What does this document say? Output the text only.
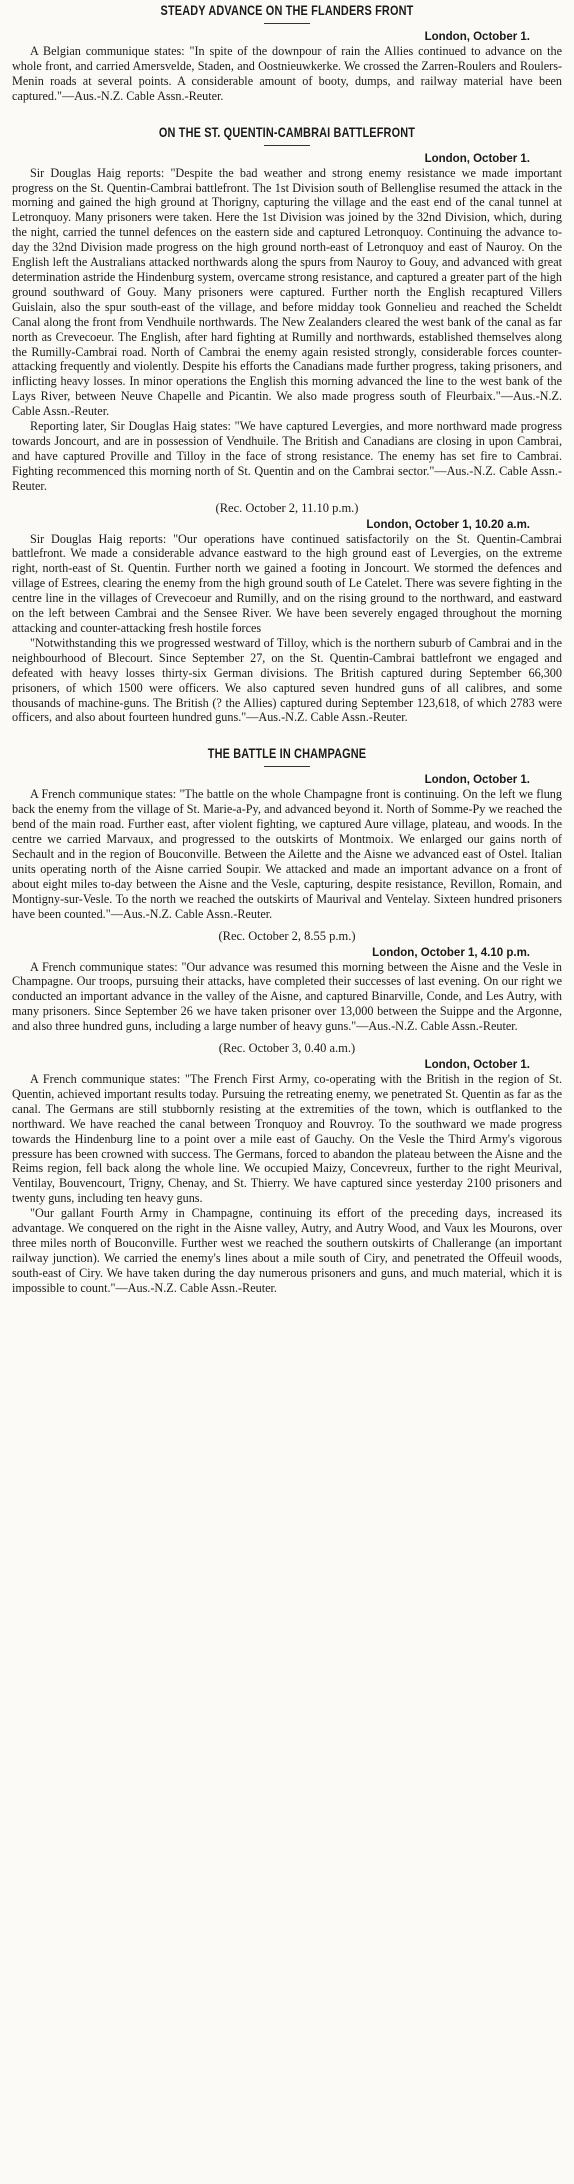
STEADY ADVANCE ON THE FLANDERS FRONT
London, October 1.

A Belgian communique states: "In spite of the downpour of rain the Allies continued to advance on the whole front, and carried Amersvelde, Staden, and Oostnieuwkerke. We crossed the Zarren-Roulers and Roulers-Menin roads at several points. A considerable amount of booty, dumps, and railway material have been captured."—Aus.-N.Z. Cable Assn.-Reuter.

ON THE ST. QUENTIN-CAMBRAI BATTLEFRONT
London, October 1.

Sir Douglas Haig reports: "Despite the bad weather and strong enemy resistance we made important progress on the St. Quentin-Cambrai battlefront. The 1st Division south of Bellenglise resumed the attack in the morning and gained the high ground at Thorigny, capturing the village and the east end of the canal tunnel at Letronquoy. Many prisoners were taken. Here the 1st Division was joined by the 32nd Division, which, during the night, carried the tunnel defences on the eastern side and captured Letronquoy. Continuing the advance to-day the 32nd Division made progress on the high ground north-east of Letronquoy and east of Nauroy. On the English left the Australians attacked northwards along the spurs from Nauroy to Gouy, and advanced with great determination astride the Hindenburg system, overcame strong resistance, and captured a greater part of the high ground southward of Gouy. Many prisoners were captured. Further north the English recaptured Villers Guislain, also the spur south-east of the village, and before midday took Gonnelieu and reached the Scheldt Canal along the front from Vendhuile northwards. The New Zealanders cleared the west bank of the canal as far north as Crevecoeur. The English, after hard fighting at Rumilly and northwards, established themselves along the Rumilly-Cambrai road. North of Cambrai the enemy again resisted strongly, considerable forces counter-attacking frequently and violently. Despite his efforts the Canadians made further progress, taking prisoners, and inflicting heavy losses. In minor operations the English this morning advanced the line to the west bank of the Lays River, between Neuve Chapelle and Picantin. We also made progress south of Fleurbaix."—Aus.-N.Z. Cable Assn.-Reuter.

Reporting later, Sir Douglas Haig states: "We have captured Levergies, and more northward made progress towards Joncourt, and are in possession of Vendhuile. The British and Canadians are closing in upon Cambrai, and have captured Proville and Tilloy in the face of strong resistance. The enemy has set fire to Cambrai. Fighting recommenced this morning north of St. Quentin and on the Cambrai sector."—Aus.-N.Z. Cable Assn.-Reuter.

(Rec. October 2, 11.10 p.m.)
London, October 1, 10.20 a.m.

Sir Douglas Haig reports: "Our operations have continued satisfactorily on the St. Quentin-Cambrai battlefront. We made a considerable advance eastward to the high ground east of Levergies, on the extreme right, north-east of St. Quentin. Further north we gained a footing in Joncourt. We stormed the defences and village of Estrees, clearing the enemy from the high ground south of Le Catelet. There was severe fighting in the centre line in the villages of Crevecoeur and Rumilly, and on the rising ground to the northward, and eastward on the left between Cambrai and the Sensee River. We have been severely engaged throughout the morning attacking and counter-attacking fresh hostile forces

"Notwithstanding this we progressed westward of Tilloy, which is the northern suburb of Cambrai and in the neighbourhood of Blecourt. Since September 27, on the St. Quentin-Cambrai battlefront we engaged and defeated with heavy losses thirty-six German divisions. The British captured during September 66,300 prisoners, of which 1500 were officers. We also captured seven hundred guns of all calibres, and some thousands of machine-guns. The British (? the Allies) captured during September 123,618, of which 2783 were officers, and also about fourteen hundred guns."—Aus.-N.Z. Cable Assn.-Reuter.

THE BATTLE IN CHAMPAGNE
London, October 1.

A French communique states: "The battle on the whole Champagne front is continuing. On the left we flung back the enemy from the village of St. Marie-a-Py, and advanced beyond it. North of Somme-Py we reached the bend of the main road. Further east, after violent fighting, we captured Aure village, plateau, and woods. In the centre we carried Marvaux, and progressed to the outskirts of Montmoix. We enlarged our gains north of Sechault and in the region of Bouconville. Between the Ailette and the Aisne we advanced east of Ostel. Italian units operating north of the Aisne carried Soupir. We attacked and made an important advance on a front of about eight miles to-day between the Aisne and the Vesle, capturing, despite resistance, Revillon, Romain, and Montigny-sur-Vesle. To the north we reached the outskirts of Maurival and Ventelay. Sixteen hundred prisoners have been counted."—Aus.-N.Z. Cable Assn.-Reuter.

(Rec. October 2, 8.55 p.m.)
London, October 1, 4.10 p.m.

A French communique states: "Our advance was resumed this morning between the Aisne and the Vesle in Champagne. Our troops, pursuing their attacks, have completed their successes of last evening. On our right we conducted an important advance in the valley of the Aisne, and captured Binarville, Conde, and Les Autry, with many prisoners. Since September 26 we have taken prisoner over 13,000 between the Suippe and the Argonne, and also three hundred guns, including a large number of heavy guns."—Aus.-N.Z. Cable Assn.-Reuter.

(Rec. October 3, 0.40 a.m.)
London, October 1.

A French communique states: "The French First Army, co-operating with the British in the region of St. Quentin, achieved important results today. Pursuing the retreating enemy, we penetrated St. Quentin as far as the canal. The Germans are still stubbornly resisting at the extremities of the town, which is outflanked to the northward. We have reached the canal between Tronquoy and Rouvroy. To the southward we made progress towards the Hindenburg line to a point over a mile east of Gauchy. On the Vesle the Third Army's vigorous pressure has been crowned with success. The Germans, forced to abandon the plateau between the Aisne and the Reims region, fell back along the whole line. We occupied Maizy, Concevreux, further to the right Meurival, Ventilay, Bouvencourt, Trigny, Chenay, and St. Thierry. We have captured since yesterday 2100 prisoners and twenty guns, including ten heavy guns.

"Our gallant Fourth Army in Champagne, continuing its effort of the preceding days, increased its advantage. We conquered on the right in the Aisne valley, Autry, and Autry Wood, and Vaux les Mourons, over three miles north of Bouconville. Further west we reached the southern outskirts of Challerange (an important railway junction). We carried the enemy's lines about a mile south of Ciry, and penetrated the Offeuil woods, south-east of Ciry. We have taken during the day numerous prisoners and guns, and much material, which it is impossible to count."—Aus.-N.Z. Cable Assn.-Reuter.
